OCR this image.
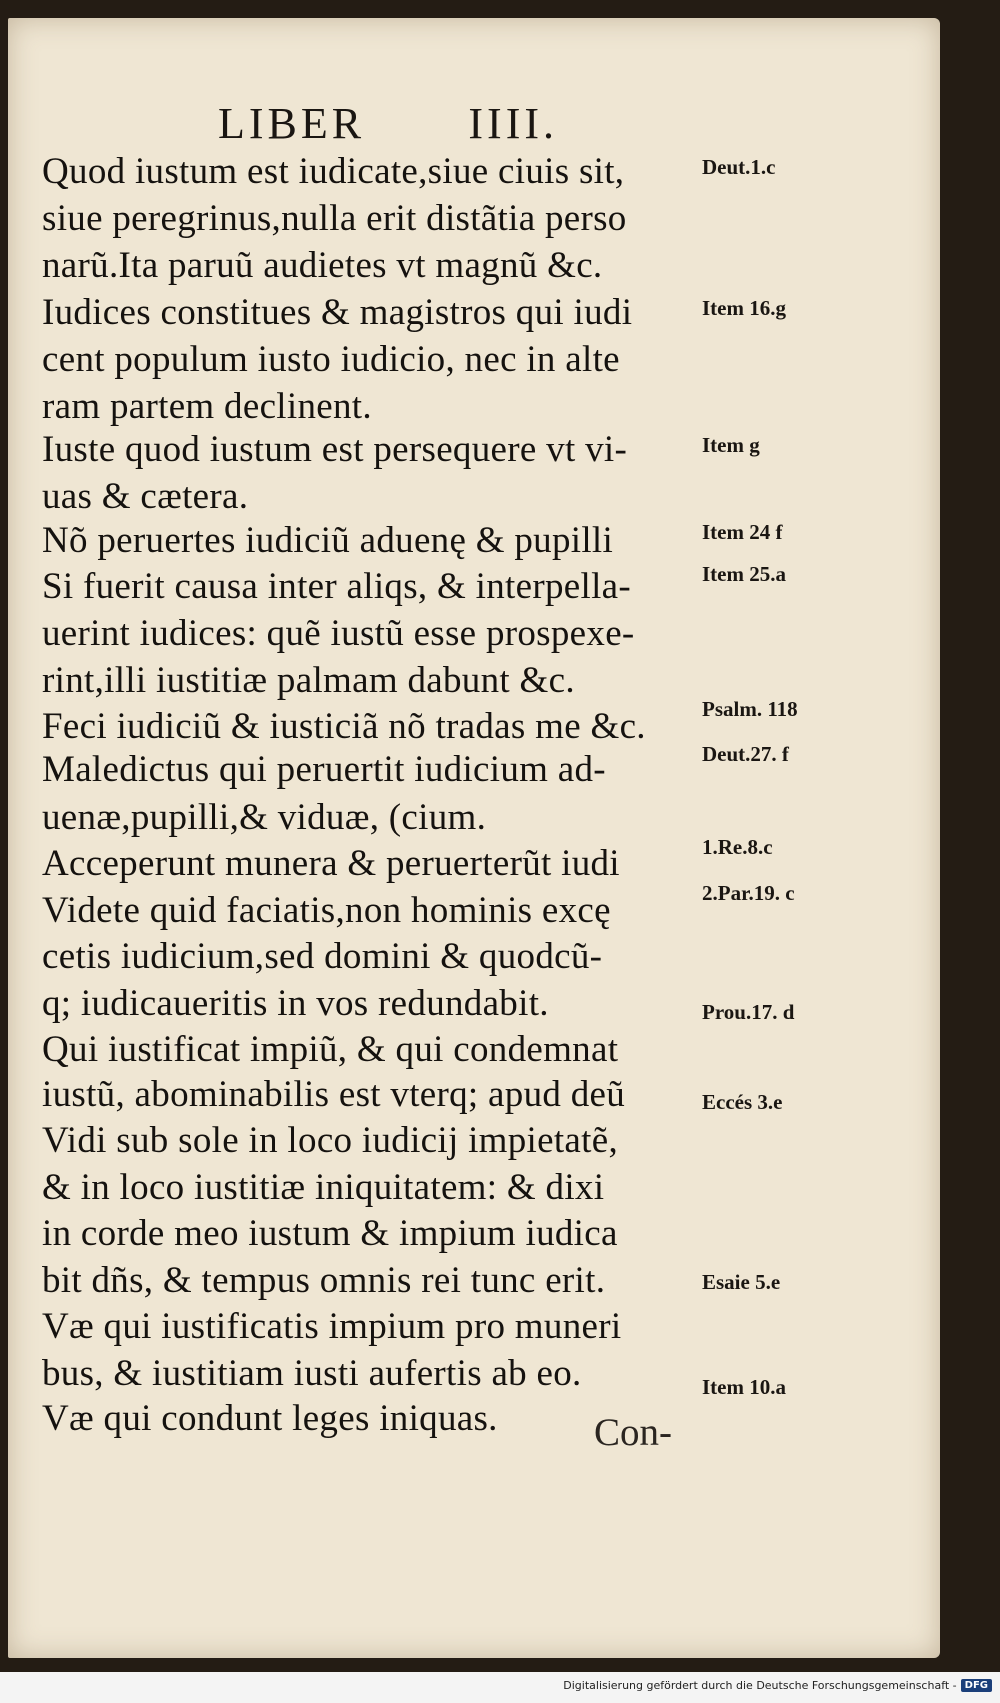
LIBER IIII.
Quod iustum est iudicate,siue ciuis sit,
siue peregrinus,nulla erit distãtia perso
narũ.Ita paruũ audietes vt magnũ &c.
Iudices constitues & magistros qui iudi
cent populum iusto iudicio, nec in alte
ram partem declinent.
Iuste quod iustum est persequere vt vi-
uas & cætera.
Nõ peruertes iudiciũ aduenę & pupilli
Si fuerit causa inter aliqs, & interpella-
uerint iudices: quẽ iustũ esse prospexe-
rint,illi iustitiæ palmam dabunt &c.
Feci iudiciũ & iusticiã nõ tradas me &c.
Maledictus qui peruertit iudicium ad-
uenæ,pupilli,& viduæ, (cium.
Acceperunt munera & peruerterũt iudi
Videte quid faciatis,non hominis excę
cetis iudicium,sed domini & quodcũ-
q; iudicaueritis in vos redundabit.
Qui iustificat impiũ, & qui condemnat
iustũ, abominabilis est vterq; apud deũ
Vidi sub sole in loco iudicij impietatẽ,
& in loco iustitiæ iniquitatem: & dixi
in corde meo iustum & impium iudica
bit dñs, & tempus omnis rei tunc erit.
Væ qui iustificatis impium pro muneri
bus, & iustitiam iusti aufertis ab eo.
Væ qui condunt leges iniquas.
Deut.1.c
Item 16.g
Item g
Item 24 f
Item 25.a
Psalm. 118
Deut.27. f
1.Re.8.c
2.Par.19. c
Prou.17. d
Eccés 3.e
Esaie 5.e
Item 10.a
Con-
Digitalisierung gefördert durch die Deutsche Forschungsgemeinschaft - DFG
